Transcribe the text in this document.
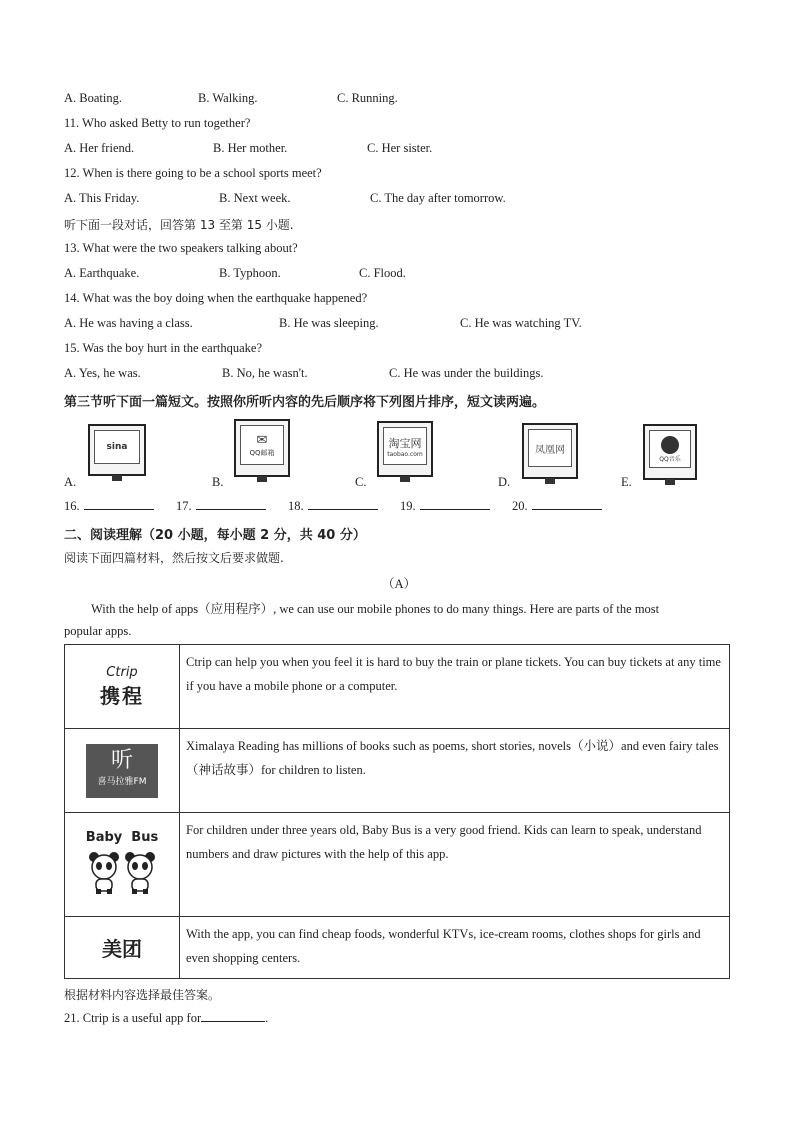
A. Boating.	B. Walking.	C. Running.
11. Who asked Betty to run together?
A. Her friend.	B. Her mother.	C. Her sister.
12. When is there going to be a school sports meet?
A. This Friday.	B. Next week.	C. The day after tomorrow.
听下面一段对话，回答第 13 至第 15 小题.
13. What were the two speakers talking about?
A. Earthquake.	B. Typhoon.	C. Flood.
14. What was the boy doing when the earthquake happened?
A. He was having a class.	B. He was sleeping.	C. He was watching TV.
15. Was the boy hurt in the earthquake?
A. Yes, he was.	B. No, he wasn't.	C. He was under the buildings.
第三节听下面一篇短文。按照你所听内容的先后顺序将下列图片排序，短文读两遍。
A.
sina
B.
✉
QQ邮箱
C.
淘宝网
taobao.com
D.
凤凰网
E.
QQ音乐
16.	17.	18.	19.	20.
二、阅读理解（20 小题，每小题 2 分，共 40 分）
阅读下面四篇材料，然后按文后要求做题.
（A）
With the help of apps（应用程序）, we can use our mobile phones to do many things. Here are parts of the most
popular apps.
Ctrip
携程	Ctrip can help you when you feel it is hard to buy the train or plane tickets. You can buy tickets at any time if you have a mobile phone or a computer.

听
喜马拉雅FM	Ximalaya Reading has millions of books such as poems, short stories, novels（小说）and even fairy tales（神话故事）for children to listen.

Baby  Bus	For children under three years old, Baby Bus is a very good friend. Kids can learn to speak, understand numbers and draw pictures with the help of this app.

美团	With the app, you can find cheap foods, wonderful KTVs, ice-cream rooms, clothes shops for girls and even shopping centers.
根据材料内容选择最佳答案。
21. Ctrip is a useful app for	.
